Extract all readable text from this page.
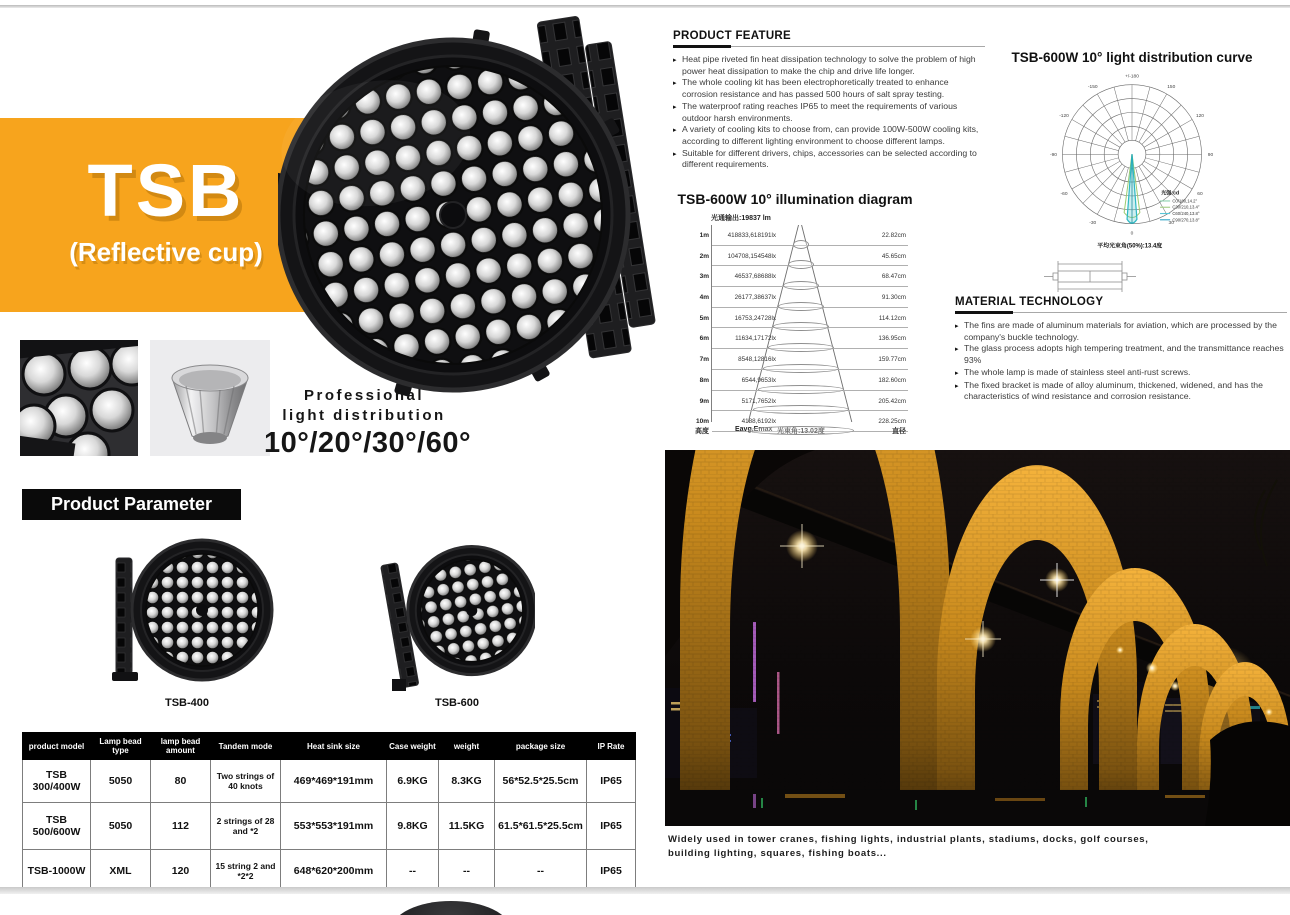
TSB
(Reflective cup)
Professional
light distribution
10°/20°/30°/60°
Product Parameter
TSB-400	TSB-600
product model	Lamp bead type	lamp bead amount	Tandem mode	Heat sink size	Case weight	weight	package size	IP Rate
TSB 300/400W	5050	80	Two strings of 40 knots	469*469*191mm	6.9KG	8.3KG	56*52.5*25.5cm	IP65
TSB 500/600W	5050	112	2 strings of 28 and *2	553*553*191mm	9.8KG	11.5KG	61.5*61.5*25.5cm	IP65
TSB-1000W	XML	120	15 string 2 and *2*2	648*620*200mm	--	--	--	IP65
PRODUCT FEATURE
▸ Heat pipe riveted fin heat dissipation technology to solve the problem of high power heat dissipation to make the chip and drive life longer.
▸ The whole cooling kit has been electrophoretically treated to enhance corrosion resistance and has passed 500 hours of salt spray testing.
▸ The waterproof rating reaches IP65 to meet the requirements of various outdoor harsh environments.
▸ A variety of cooling kits to choose from, can provide 100W-500W cooling kits, according to different lighting environment to choose different lamps.
▸ Suitable for different drivers, chips, accessories can be selected according to different requirements.
TSB-600W 10° light distribution curve
+/-180
-150	150
-120	120
-90	90
-60	60
-30	30
0
光强:cd
C0/180,14.2°
C30/210,13.4°
C60/240,13.8°
C90/270,13.8°
平均光束角(50%):13.4度
TSB-600W 10° illumination diagram
光通输出:19837 lm
1m	418833,618191lx	22.82cm
2m	104708,154548lx	45.65cm
3m	46537,68688lx	68.47cm
4m	26177,38637lx	91.30cm
5m	16753,24728lx	114.12cm
6m	11634,17172lx	136.95cm
7m	8548,12816lx	159.77cm
8m	6544,9653lx	182.60cm
9m	5171,7652lx	205.42cm
10m	4188,6192lx	228.25cm
高度	Eavg,Emax 光束角:13.02度	直径
MATERIAL TECHNOLOGY
▸ The fins are made of aluminum materials for aviation, which are processed by the company's buckle technology.
▸ The glass process adopts high tempering treatment, and the transmittance reaches 93%
▸ The whole lamp is made of stainless steel anti-rust screws.
▸ The fixed bracket is made of alloy aluminum, thickened, widened, and has the characteristics of wind resistance and corrosion resistance.
Widely used in tower cranes, fishing lights, industrial plants, stadiums, docks, golf courses,
building lighting, squares, fishing boats...
